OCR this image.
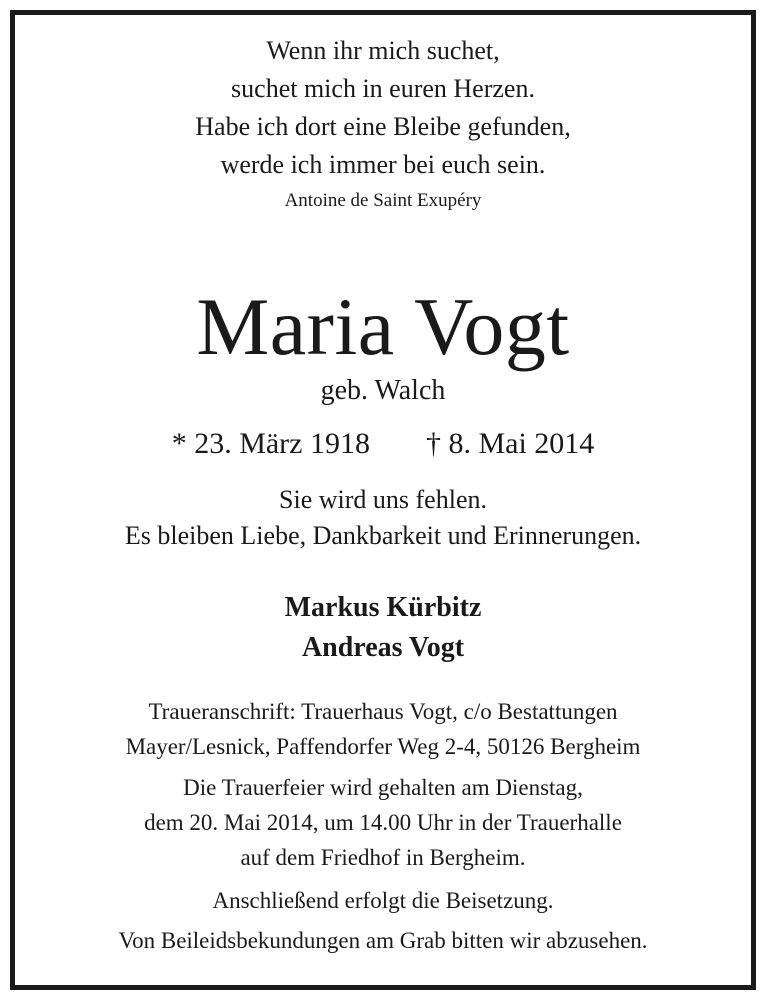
Wenn ihr mich suchet,
suchet mich in euren Herzen.
Habe ich dort eine Bleibe gefunden,
werde ich immer bei euch sein.
Antoine de Saint Exupéry
Maria Vogt
geb. Walch
* 23. März 1918 † 8. Mai 2014
Sie wird uns fehlen.
Es bleiben Liebe, Dankbarkeit und Erinnerungen.
Markus Kürbitz
Andreas Vogt
Traueranschrift: Trauerhaus Vogt, c/o Bestattungen
Mayer/Lesnick, Paffendorfer Weg 2-4, 50126 Bergheim
Die Trauerfeier wird gehalten am Dienstag,
dem 20. Mai 2014, um 14.00 Uhr in der Trauerhalle
auf dem Friedhof in Bergheim.
Anschließend erfolgt die Beisetzung.
Von Beileidsbekundungen am Grab bitten wir abzusehen.
